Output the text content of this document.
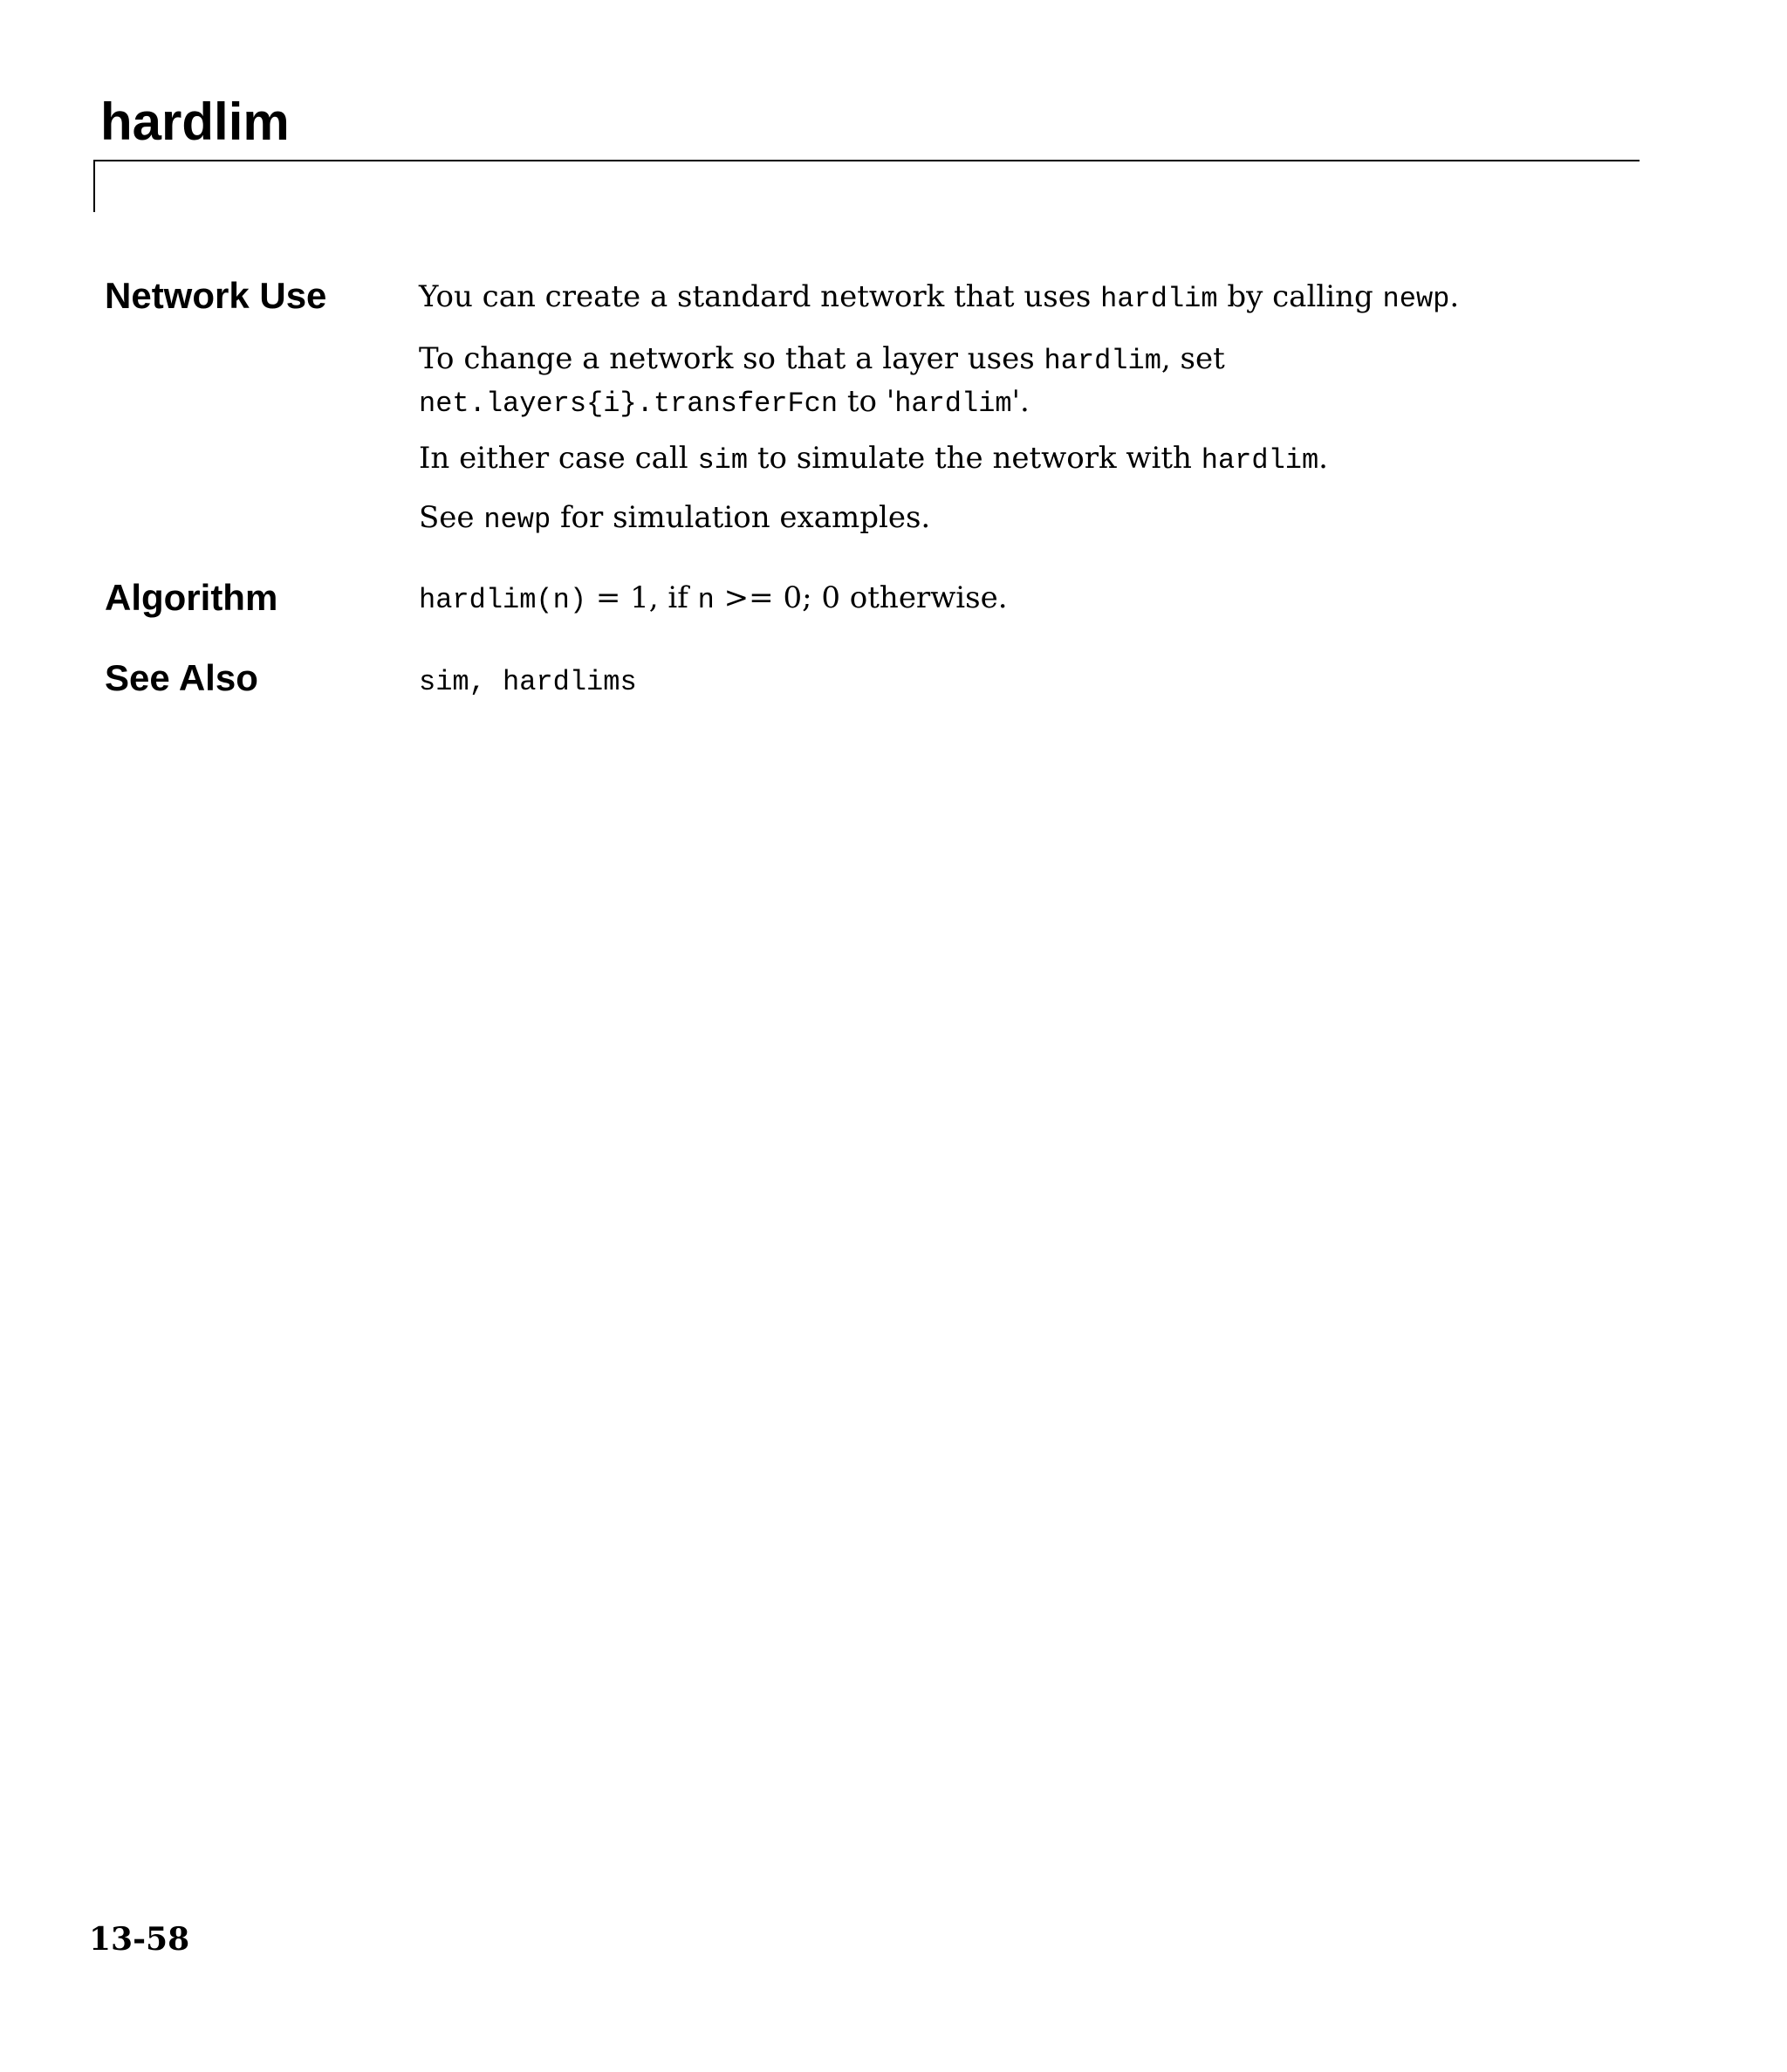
hardlim
Network Use	You can create a standard network that uses hardlim by calling newp.

To change a network so that a layer uses hardlim, set
net.layers{i}.transferFcn to 'hardlim'.

In either case call sim to simulate the network with hardlim.

See newp for simulation examples.

Algorithm	hardlim(n) = 1, if n >= 0; 0 otherwise.

See Also	sim, hardlims

13-58
